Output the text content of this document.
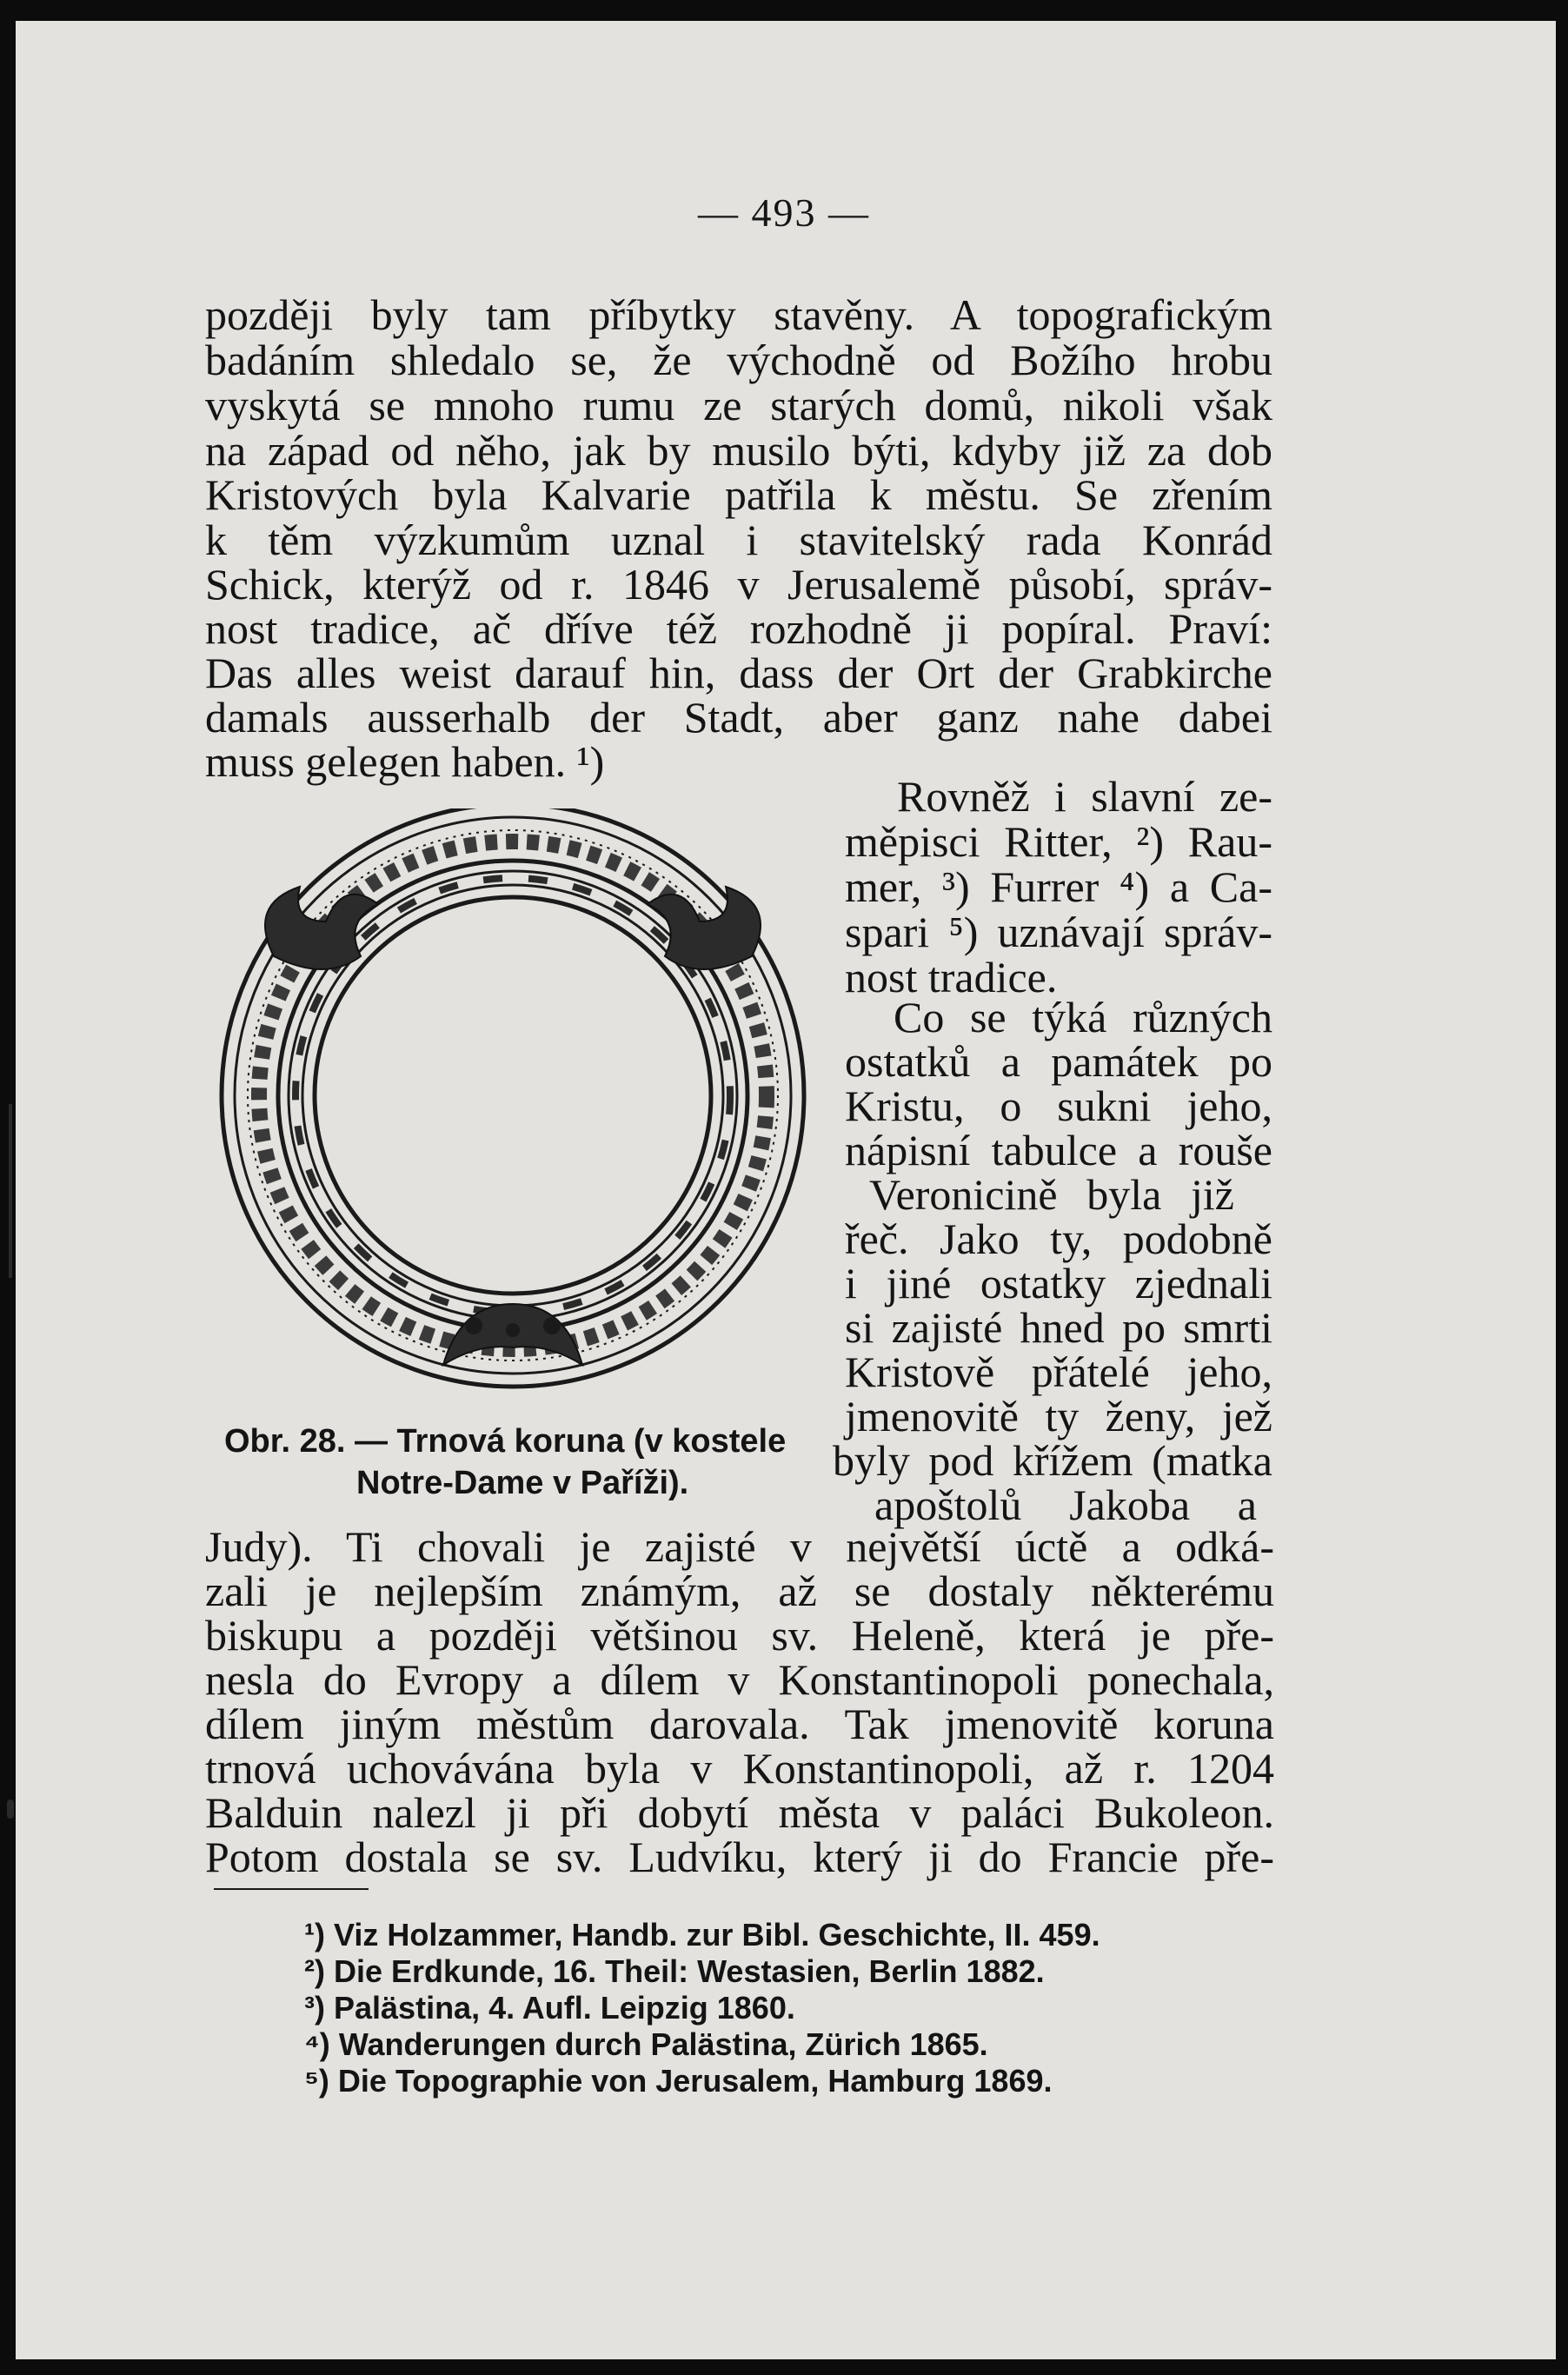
— 493 —
později byly tam příbytky stavěny. A topografickým
badáním shledalo se, že východně od Božího hrobu
vyskytá se mnoho rumu ze starých domů, nikoli však
na západ od něho, jak by musilo býti, kdyby již za dob
Kristových byla Kalvarie patřila k městu. Se zřením
k těm výzkumům uznal i stavitelský rada Konrád
Schick, kterýž od r. 1846 v Jerusalemě působí, správ-
nost tradice, ač dříve též rozhodně ji popíral. Praví:
Das alles weist darauf hin, dass der Ort der Grabkirche
damals ausserhalb der Stadt, aber ganz nahe dabei
muss gelegen haben. ¹)
Rovněž i slavní ze-
měpisci Ritter, ²) Rau-
mer, ³) Furrer ⁴) a Ca-
spari ⁵) uznávají správ-
nost tradice.
Co se týká různých
ostatků a památek po
Kristu, o sukni jeho,
nápisní tabulce a rouše
Veronicině byla již
řeč. Jako ty, podobně
i jiné ostatky zjednali
si zajisté hned po smrti
Kristově přátelé jeho,
jmenovitě ty ženy, jež
byly pod křížem (matka
apoštolů Jakoba a
Obr. 28. — Trnová koruna (v kostele
Notre-Dame v Paříži).
Judy). Ti chovali je zajisté v největší úctě a odká-
zali je nejlepším známým, až se dostaly některému
biskupu a později většinou sv. Heleně, která je pře-
nesla do Evropy a dílem v Konstantinopoli ponechala,
dílem jiným městům darovala. Tak jmenovitě koruna
trnová uchovávána byla v Konstantinopoli, až r. 1204
Balduin nalezl ji při dobytí města v paláci Bukoleon.
Potom dostala se sv. Ludvíku, který ji do Francie pře-
¹) Viz Holzammer, Handb. zur Bibl. Geschichte, II. 459.
²) Die Erdkunde, 16. Theil: Westasien, Berlin 1882.
³) Palästina, 4. Aufl. Leipzig 1860.
⁴) Wanderungen durch Palästina, Zürich 1865.
⁵) Die Topographie von Jerusalem, Hamburg 1869.
